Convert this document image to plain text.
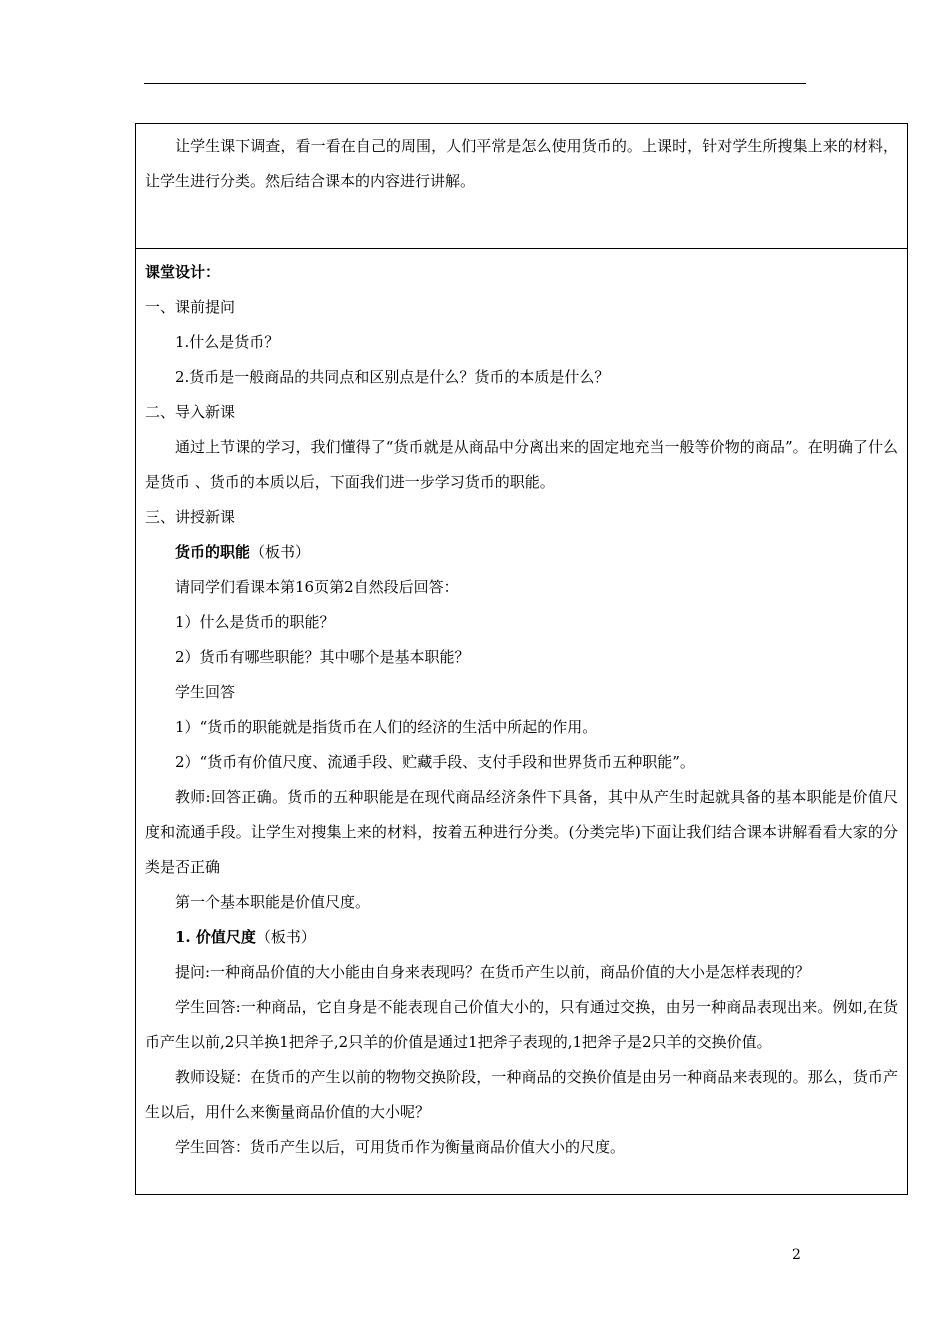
让学生课下调查，看一看在自己的周围，人们平常是怎么使用货币的。上课时，针对学生所搜集上来的材料，让学生进行分类。然后结合课本的内容进行讲解。

课堂设计：

一、课前提问

1.什么是货币？

2.货币是一般商品的共同点和区别点是什么？货币的本质是什么？

二、导入新课

通过上节课的学习，我们懂得了“货币就是从商品中分离出来的固定地充当一般等价物的商品”。在明确了什么是货币 、货币的本质以后，下面我们进一步学习货币的职能。

三、讲授新课

货币的职能（板书）

请同学们看课本第16页第2自然段后回答：

1）什么是货币的职能？

2）货币有哪些职能？其中哪个是基本职能？

学生回答

1）“货币的职能就是指货币在人们的经济的生活中所起的作用。

2）“货币有价值尺度、流通手段、贮藏手段、支付手段和世界货币五种职能”。

教师:回答正确。货币的五种职能是在现代商品经济条件下具备，其中从产生时起就具备的基本职能是价值尺度和流通手段。让学生对搜集上来的材料，按着五种进行分类。(分类完毕)下面让我们结合课本讲解看看大家的分类是否正确

第一个基本职能是价值尺度。

1. 价值尺度（板书）

提问:一种商品价值的大小能由自身来表现吗？在货币产生以前，商品价值的大小是怎样表现的？

学生回答:一种商品，它自身是不能表现自己价值大小的，只有通过交换，由另一种商品表现出来。例如,在货币产生以前,2只羊换1把斧子,2只羊的价值是通过1把斧子表现的,1把斧子是2只羊的交换价值。

教师设疑：在货币的产生以前的物物交换阶段，一种商品的交换价值是由另一种商品来表现的。那么，货币产生以后，用什么来衡量商品价值的大小呢？

学生回答：货币产生以后，可用货币作为衡量商品价值大小的尺度。

2
